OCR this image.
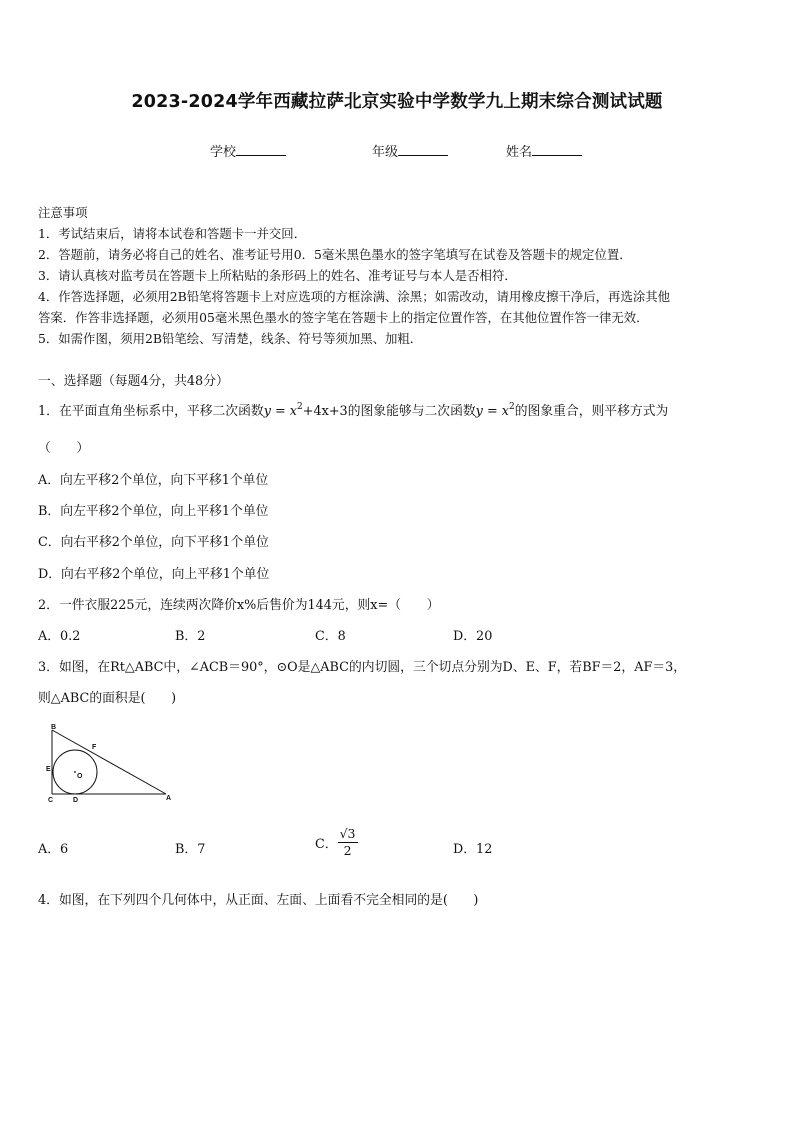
2023-2024学年西藏拉萨北京实验中学数学九上期末综合测试试题
学校	年级	姓名
注意事项
1．考试结束后，请将本试卷和答题卡一并交回．
2．答题前，请务必将自己的姓名、准考证号用0．5毫米黑色墨水的签字笔填写在试卷及答题卡的规定位置．
3．请认真核对监考员在答题卡上所粘贴的条形码上的姓名、准考证号与本人是否相符．
4．作答选择题，必须用2B铅笔将答题卡上对应选项的方框涂满、涂黑；如需改动，请用橡皮擦干净后，再选涂其他
答案．作答非选择题，必须用05毫米黑色墨水的签字笔在答题卡上的指定位置作答，在其他位置作答一律无效．
5．如需作图，须用2B铅笔绘、写清楚，线条、符号等须加黑、加粗．
一、选择题（每题4分，共48分）
1．在平面直角坐标系中，平移二次函数$y = x^2+4x+3$的图象能够与二次函数$y = x^2$的图象重合，则平移方式为
（　　）
A．向左平移2个单位，向下平移1个单位
B．向左平移2个单位，向上平移1个单位
C．向右平移2个单位，向下平移1个单位
D．向右平移2个单位，向上平移1个单位
2．一件衣服225元，连续两次降价x%后售价为144元，则x=（　　）
A．0.2	B．2	C．8	D．20
3．如图，在Rt△ABC中，∠ACB＝90°，⊙O是△ABC的内切圆，三个切点分别为D、E、F，若BF＝2，AF＝3，
则△ABC的面积是(　　)
B
F
E
O
C	D	A
A．6	B．7	C． $\frac{√3}{2}$	D．12
4．如图，在下列四个几何体中，从正面、左面、上面看不完全相同的是(　　)
